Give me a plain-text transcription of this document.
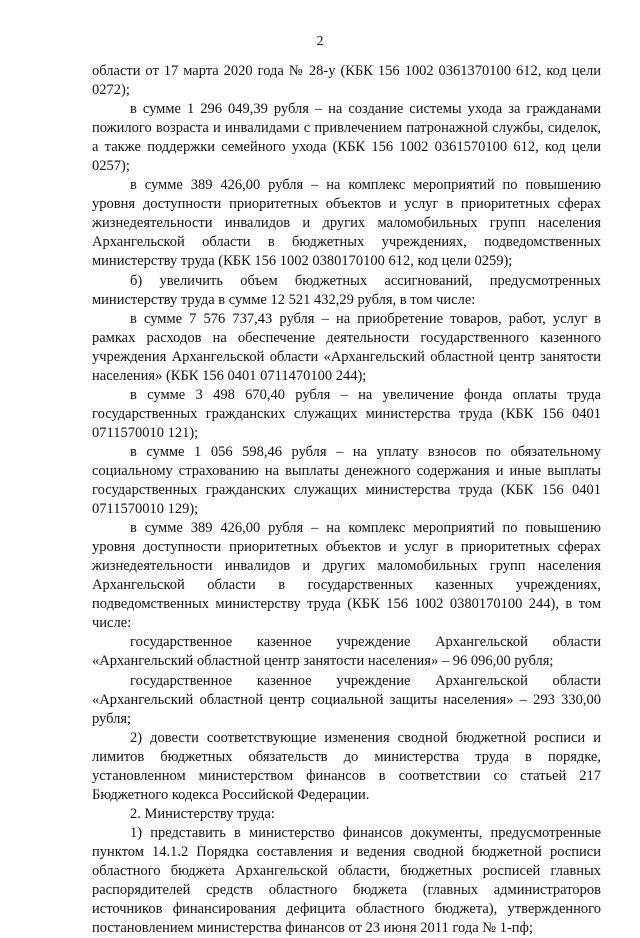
2

области от 17 марта 2020 года № 28-у (КБК 156 1002 0361370100 612, код цели 0272);

в сумме 1 296 049,39 рубля – на создание системы ухода за гражданами пожилого возраста и инвалидами с привлечением патронажной службы, сиделок, а также поддержки семейного ухода (КБК 156 1002 0361570100 612, код цели 0257);

в сумме 389 426,00 рубля – на комплекс мероприятий по повышению уровня доступности приоритетных объектов и услуг в приоритетных сферах жизнедеятельности инвалидов и других маломобильных групп населения Архангельской области в бюджетных учреждениях, подведомственных министерству труда (КБК 156 1002 0380170100 612, код цели 0259);

б) увеличить объем бюджетных ассигнований, предусмотренных министерству труда в сумме 12 521 432,29 рубля, в том числе:

в сумме 7 576 737,43 рубля – на приобретение товаров, работ, услуг в рамках расходов на обеспечение деятельности государственного казенного учреждения Архангельской области «Архангельский областной центр занятости населения» (КБК 156 0401 0711470100 244);

в сумме 3 498 670,40 рубля – на увеличение фонда оплаты труда государственных гражданских служащих министерства труда (КБК 156 0401 0711570010 121);

в сумме 1 056 598,46 рубля – на уплату взносов по обязательному социальному страхованию на выплаты денежного содержания и иные выплаты государственных гражданских служащих министерства труда (КБК 156 0401 0711570010 129);

в сумме 389 426,00 рубля – на комплекс мероприятий по повышению уровня доступности приоритетных объектов и услуг в приоритетных сферах жизнедеятельности инвалидов и других маломобильных групп населения Архангельской области в государственных казенных учреждениях, подведомственных министерству труда (КБК 156 1002 0380170100 244), в том числе:

государственное казенное учреждение Архангельской области «Архангельский областной центр занятости населения» – 96 096,00 рубля;

государственное казенное учреждение Архангельской области «Архангельский областной центр социальной защиты населения» – 293 330,00 рубля;

2) довести соответствующие изменения сводной бюджетной росписи и лимитов бюджетных обязательств до министерства труда в порядке, установленном министерством финансов в соответствии со статьей 217 Бюджетного кодекса Российской Федерации.

2. Министерству труда:

1) представить в министерство финансов документы, предусмотренные пунктом 14.1.2 Порядка составления и ведения сводной бюджетной росписи областного бюджета Архангельской области, бюджетных росписей главных распорядителей средств областного бюджета (главных администраторов источников финансирования дефицита областного бюджета), утвержденного постановлением министерства финансов от 23 июня 2011 года № 1-пф;
